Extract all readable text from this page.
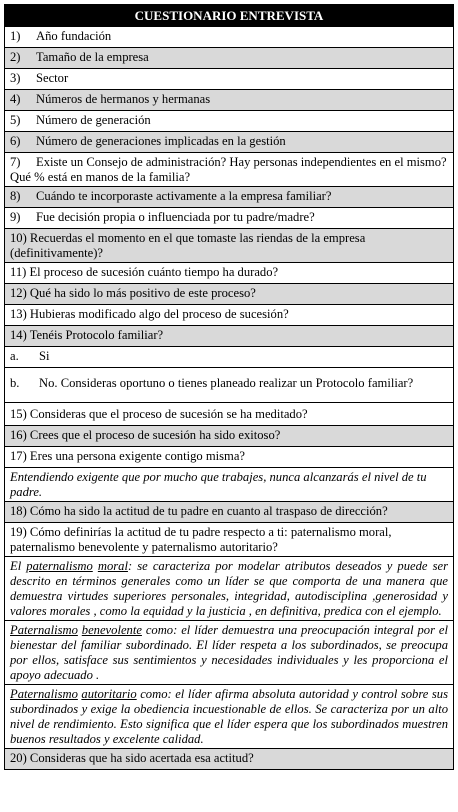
CUESTIONARIO ENTREVISTA
1) Año fundación
2) Tamaño de la empresa
3) Sector
4) Números de hermanos y hermanas
5) Número de generación
6) Número de generaciones implicadas en la gestión
7) Existe un Consejo de administración? Hay personas independientes en el mismo? Qué % está en manos de la familia?
8) Cuándo te incorporaste activamente a la empresa familiar?
9) Fue decisión propia o influenciada por tu padre/madre?
10) Recuerdas el momento en el que tomaste las riendas de la empresa (definitivamente)?
11) El proceso de sucesión cuánto tiempo ha durado?
12) Qué ha sido lo más positivo de este proceso?
13) Hubieras modificado algo del proceso de sucesión?
14) Tenéis Protocolo familiar?
a. Si
b. No. Consideras oportuno o tienes planeado realizar un Protocolo familiar?
15) Consideras que el proceso de sucesión se ha meditado?
16) Crees que el proceso de sucesión ha sido exitoso?
17) Eres una persona exigente contigo misma?
Entendiendo exigente que por mucho que trabajes, nunca alcanzarás el nivel de tu padre.
18) Cómo ha sido la actitud de tu padre en cuanto al traspaso de dirección?
19) Cómo definirías la actitud de tu padre respecto a ti: paternalismo moral, paternalismo benevolente y paternalismo autoritario?
El paternalismo moral: se caracteriza por modelar atributos deseados y puede ser descrito en términos generales como un líder se que comporta de una manera que demuestra virtudes superiores personales, integridad, autodisciplina ,generosidad y valores morales , como la equidad y la justicia , en definitiva, predica con el ejemplo.
Paternalismo benevolente como: el líder demuestra una preocupación integral por el bienestar del familiar subordinado. El líder respeta a los subordinados, se preocupa por ellos, satisface sus sentimientos y necesidades individuales y les proporciona el apoyo adecuado .
Paternalismo autoritario como: el líder afirma absoluta autoridad y control sobre sus subordinados y exige la obediencia incuestionable de ellos. Se caracteriza por un alto nivel de rendimiento. Esto significa que el líder espera que los subordinados muestren buenos resultados y excelente calidad.
20) Consideras que ha sido acertada esa actitud?
